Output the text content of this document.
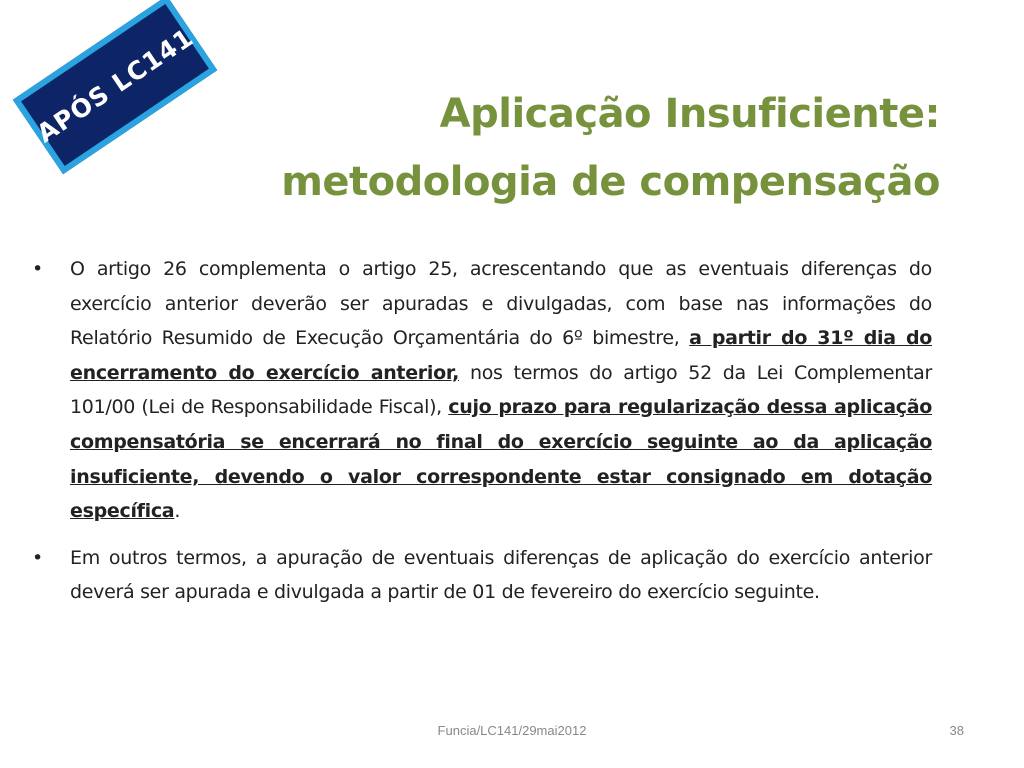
APÓS LC141	Aplicação Insuficiente:
metodologia de compensação
•	O artigo 26 complementa o artigo 25, acrescentando que as eventuais diferenças do exercício anterior deverão ser apuradas e divulgadas, com base nas informações do Relatório Resumido de Execução Orçamentária do 6º bimestre, a partir do 31º dia do encerramento do exercício anterior, nos termos do artigo 52 da Lei Complementar 101/00 (Lei de Responsabilidade Fiscal), cujo prazo para regularização dessa aplicação compensatória se encerrará no final do exercício seguinte ao da aplicação insuficiente, devendo o valor correspondente estar consignado em dotação específica.
•	Em outros termos, a apuração de eventuais diferenças de aplicação do exercício anterior deverá ser apurada e divulgada a partir de 01 de fevereiro do exercício seguinte.
Funcia/LC141/29mai2012	38
